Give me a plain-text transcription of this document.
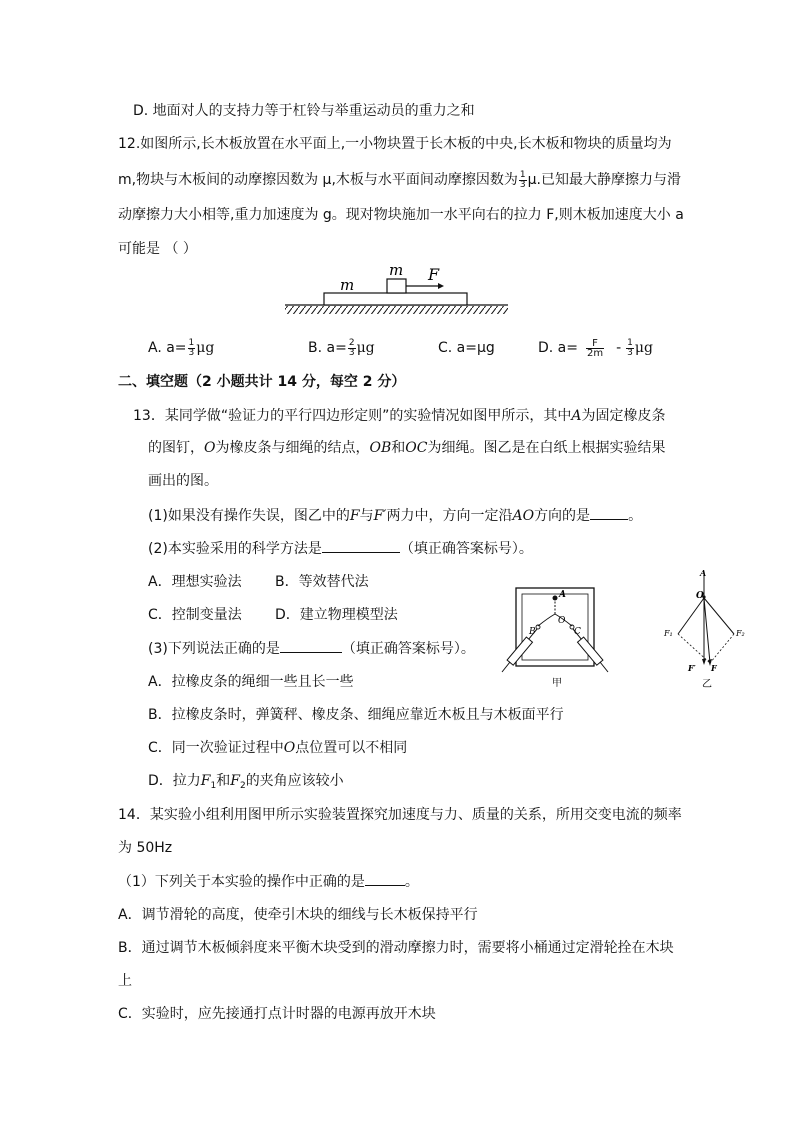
D. 地面对人的支持力等于杠铃与举重运动员的重力之和
12.如图所示,长木板放置在水平面上,一小物块置于长木板的中央,长木板和物块的质量均为
m,物块与木板间的动摩擦因数为 μ,木板与水平面间动摩擦因数为 $\frac{1}{3} \mu$.已知最大静摩擦力与滑
动摩擦力大小相等,重力加速度为 g。现对物块施加一水平向右的拉力 F,则木板加速度大小 a
可能是 （ ）
m
m F
A. $a= \frac{1}{3}$ μg	B. $a= \frac{2}{3}$ μg	C. a=μg	D. $a= \frac{F}{2m} - \frac{1}{3}$ μg
二、填空题（2 小题共计 14 分，每空 2 分）
13．某同学做“验证力的平行四边形定则”的实验情况如图甲所示，其中A为固定橡皮条
的图钉，O为橡皮条与细绳的结点，OB和OC为细绳。图乙是在白纸上根据实验结果
画出的图。
(1)如果没有操作失误，图乙中的F与F′两力中，方向一定沿AO方向的是	。
(2)本实验采用的科学方法是	（填正确答案标号）。
A．理想实验法 B．等效替代法
C．控制变量法 D．建立物理模型法
(3)下列说法正确的是	（填正确答案标号）。
A．拉橡皮条的绳细一些且长一些
B．拉橡皮条时，弹簧秤、橡皮条、细绳应靠近木板且与木板面平行
C．同一次验证过程中O点位置可以不相同
D．拉力$F_1$和$F_2$的夹角应该较小
A
B	C
O
甲
A
O
F₁	F₂
F′ F
乙
14．某实验小组利用图甲所示实验装置探究加速度与力、质量的关系，所用交变电流的频率
为 50Hz
（1）下列关于本实验的操作中正确的是	。
A．调节滑轮的高度，使牵引木块的细线与长木板保持平行
B．通过调节木板倾斜度来平衡木块受到的滑动摩擦力时，需要将小桶通过定滑轮拴在木块
上
C．实验时，应先接通打点计时器的电源再放开木块
